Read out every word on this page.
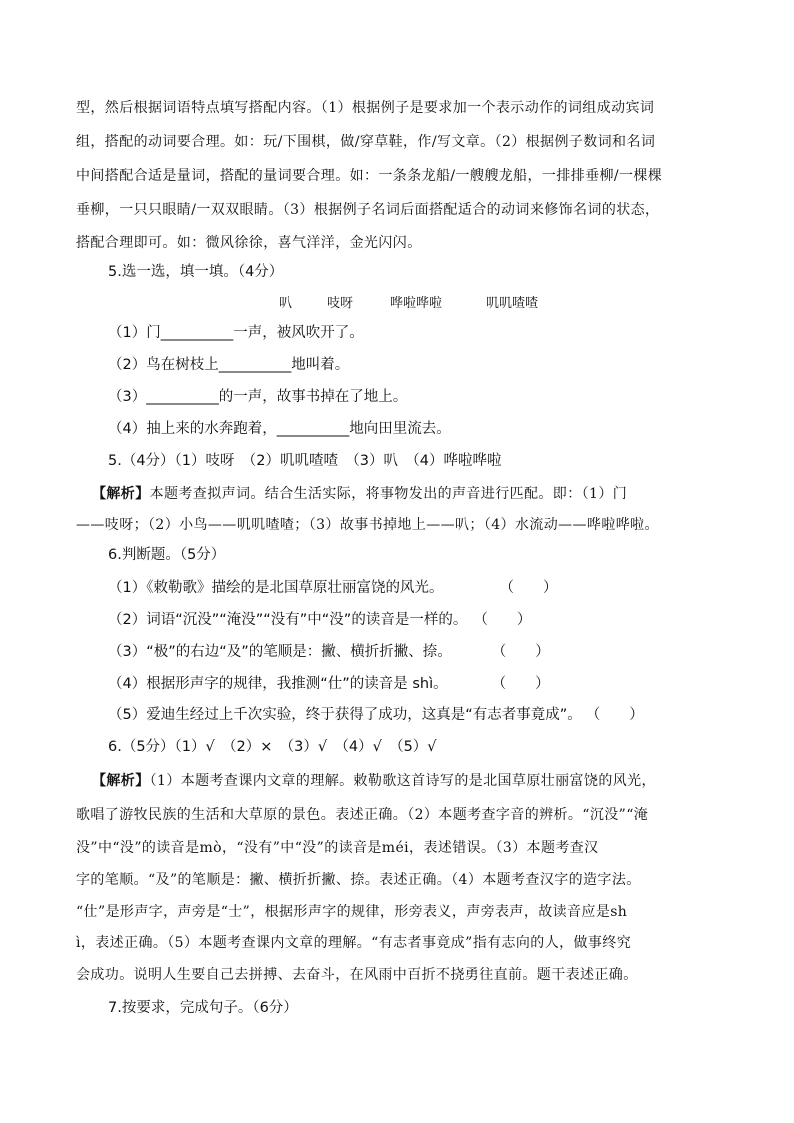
型，然后根据词语特点填写搭配内容。（1）根据例子是要求加一个表示动作的词组成动宾词
组，搭配的动词要合理。如：玩/下围棋，做/穿草鞋，作/写文章。（2）根据例子数词和名词
中间搭配合适是量词，搭配的量词要合理。如：一条条龙船/一艘艘龙船，一排排垂柳/一棵棵
垂柳，一只只眼睛/一双双眼睛。（3）根据例子名词后面搭配适合的动词来修饰名词的状态，
搭配合理即可。如：微风徐徐，喜气洋洋，金光闪闪。
5.选一选，填一填。（4分）
叭	吱呀	哗啦哗啦	叽叽喳喳
（1）门__________一声，被风吹开了。
（2）鸟在树枝上__________地叫着。
（3）__________的一声，故事书掉在了地上。
（4）抽上来的水奔跑着，__________地向田里流去。
5.（4分）（1）吱呀　（2）叽叽喳喳　（3）叭　（4）哗啦哗啦
【解析】本题考查拟声词。结合生活实际，将事物发出的声音进行匹配。即：（1）门
——吱呀；（2）小鸟——叽叽喳喳；（3）故事书掉地上——叭；（4）水流动——哗啦哗啦。
6.判断题。（5分）
（1）《敕勒歌》描绘的是北国草原壮丽富饶的风光。	（　　）
（2）词语“沉没”“淹没”“没有”中“没”的读音是一样的。 （　　）
（3）“极”的右边“及”的笔顺是：撇、横折折撇、捺。	（　　）
（4）根据形声字的规律，我推测“仕”的读音是 shì。	（　　）
（5）爱迪生经过上千次实验，终于获得了成功，这真是“有志者事竟成”。 （　　）
6.（5分）（1）√　（2）×　（3）√　（4）√　（5）√
【解析】（1）本题考查课内文章的理解。敕勒歌这首诗写的是北国草原壮丽富饶的风光，
歌唱了游牧民族的生活和大草原的景色。表述正确。（2）本题考查字音的辨析。“沉没”“淹
没”中“没”的读音是mò，“没有”中“没”的读音是méi，表述错误。（3）本题考查汉
字的笔顺。“及”的笔顺是：撇、横折折撇、捺。表述正确。（4）本题考查汉字的造字法。
“仕”是形声字，声旁是“士”，根据形声字的规律，形旁表义，声旁表声，故读音应是sh
ì，表述正确。（5）本题考查课内文章的理解。“有志者事竟成”指有志向的人，做事终究
会成功。说明人生要自己去拼搏、去奋斗，在风雨中百折不挠勇往直前。题干表述正确。
7.按要求，完成句子。（6分）
